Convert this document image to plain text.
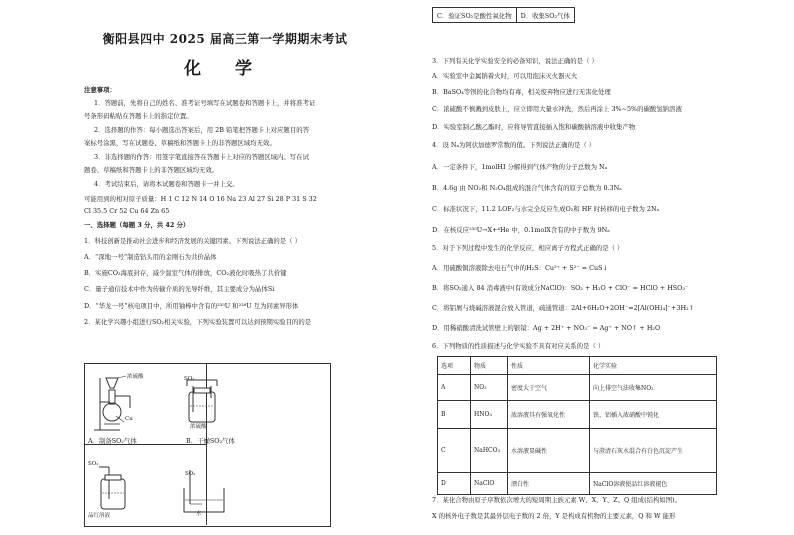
衡阳县四中 2025 届高三第一学期期末考试
化 学
注意事项：
1．答题前，先将自己的姓名、准考证号填写在试题卷和答题卡上，并将准考证
号条形码粘贴在答题卡上的指定位置。
2．选择题的作答：每小题选出答案后，用 2B 铅笔把答题卡上对应题目的答
案标号涂黑，写在试题卷、草稿纸和答题卡上的非答题区域均无效。
3．非选择题的作答：用签字笔直接答在答题卡上对应的答题区域内。写在试
题卷、草稿纸和答题卡上的非答题区域均无效。
4．考试结束后，请将本试题卷和答题卡一并上交。
可能用到的相对原子质量：H 1 C 12 N 14 O 16 Na 23 Al 27 Si 28 P 31 S 32
Cl 35.5 Cr 52 Cu 64 Zn 65
一、选择题（每题 3 分，共 42 分）
1．科技创新是推动社会进步和经济发展的关键因素。下列说法正确的是（ ）
A．“深地一号”制造钻头用的金刚石为共价晶体
B．实施CO₂海底封存，减少温室气体的排放，CO₂液化时吸热了共价键
C．量子通信技术中作为传输介质的光导纤维，其主要成分为晶体Si
D．“华龙一号”核电项目中，所用铀棒中含有的²³⁵U 和²³⁸U 互为同素异形体
2．某化学兴趣小组进行SO₂相关实验，下列实验装置可以达到预期实验目的的是
浓硫酸
Cu
A．制备SO₂气体
SO₂
浓硫酸
B．干燥SO₂气体
SO₂
品红溶液
SO₂
水
C．验证SO₂是酸性氧化物	D．收集SO₂气体
3．下列有关化学实验安全的必备知识，说法正确的是（ ）
A．实验室中金属钠着火时，可以用泡沫灭火器灭火
B．BaSO₄等钡的化合物均有毒，相关废弃物应进行无害化处理
C．浓硫酸不慎溅到皮肤上，应立即用大量水冲洗，然后再涂上 3%~5%的碳酸氢钠溶液
D．实验室制乙酸乙酯时，应将导管直接插入饱和碳酸钠溶液中收集产物
4．设 Nₐ为阿伏加德罗常数的值。下列说法正确的是（ ）
A．一定条件下，1molHI 分解得到气体产物的分子总数为 Nₐ
B．4.6g 由 NO₂和 N₂O₄组成的混合气体含有的原子总数为 0.3Nₐ
C．标准状况下，11.2 LOF₂与水完全反应生成O₂和 HF 时转移的电子数为 2Nₐ
D．在核反应²³⁵U→X+⁴He 中，0.1molX含有的中子数为 9Nₐ
5．对于下列过程中发生的化学反应，相应离子方程式正确的是（ ）
A．用硫酸铜溶液除去电石气中的H₂S：Cu²⁺ + S²⁻ = CuS↓
B．将SO₂通入 84 消毒液中(有效成分NaClO)：SO₂ + H₂O + ClO⁻ = HClO + HSO₃⁻
C．将铝屑与烧碱溶液混合放入管道，疏通管道：2Al+6H₂O+2OH⁻=2[Al(OH)₄]⁻+3H₂↑
D．用稀硝酸清洗试管壁上的银镜：Ag + 2H⁺ + NO₃⁻ = Ag⁺ + NO↑ + H₂O
6．下列物质的性质描述与化学实验不具有对应关系的是（ ）
选项	物质	性质	化学实验
A	NO₂	密度大于空气	向上排空气法收集NO₂
B	HNO₃	浓溶液具有强氧化性	铁、铝插入浓硝酸中钝化
C	NaHCO₃	水溶液显碱性	与澄清石灰水混合有白色沉淀产生
D	NaClO	漂白性	NaClO溶液使品红溶液褪色
7．某化合物由原子序数依次增大的短周期主族元素 W、X、Y、Z、Q 组成(结构如图)。
X 的核外电子数是其最外层电子数的 2 倍，Y 是构成有机物的主要元素，Q 和 W 能形
